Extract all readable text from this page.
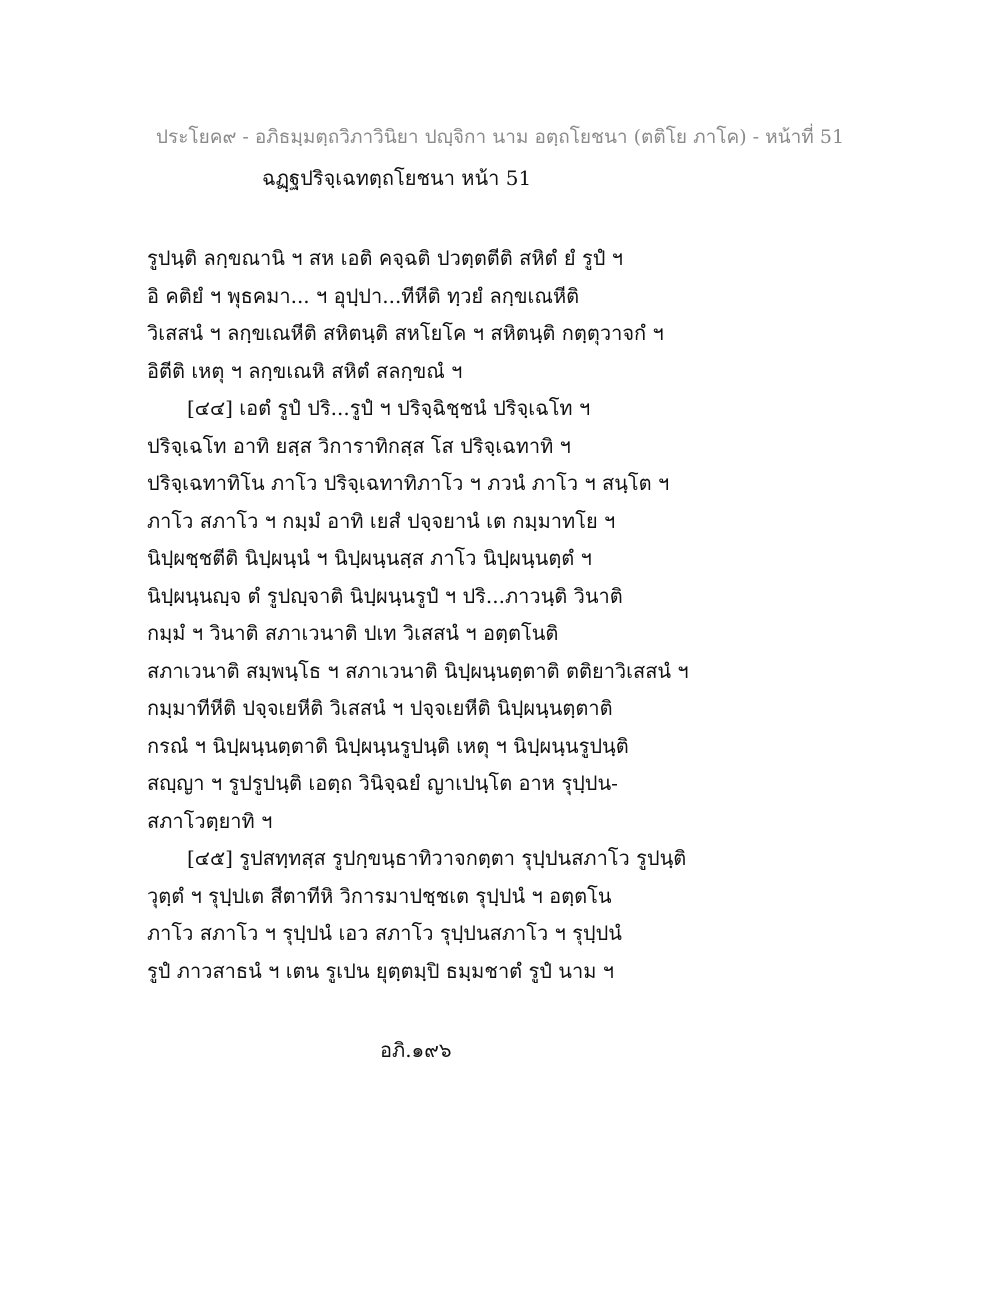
ประโยค๙ - อภิธมฺมตฺถวิภาวินิยา ปญฺจิกา นาม อตฺถโยชนา (ตติโย ภาโค) - หน้าที่ 51
ฉฏฺฐปริจฺเฉทตฺถโยชนา หน้า 51
รูปนฺติ ลกฺขณานิ ฯ สห เอติ คจฺฉติ ปวตฺตตีติ สหิตํ ยํ รูปํ ฯ
อิ คติยํ ฯ พุธคมา... ฯ อุปฺปา...ทีหีติ ทฺวยํ ลกฺขเณหีติ
วิเสสนํ ฯ ลกฺขเณหีติ สหิตนฺติ สหโยโค ฯ สหิตนฺติ กตฺตุวาจกํ ฯ
อิตีติ เหตุ ฯ ลกฺขเณหิ สหิตํ สลกฺขณํ ฯ
[๔๔] เอตํ รูปํ ปริ...รูปํ ฯ ปริจฺฉิชฺชนํ ปริจฺเฉโท ฯ
ปริจฺเฉโท อาทิ ยสฺส วิการาทิกสฺส โส ปริจฺเฉทาทิ ฯ
ปริจฺเฉทาทิโน ภาโว ปริจฺเฉทาทิภาโว ฯ ภวนํ ภาโว ฯ สนฺโต ฯ
ภาโว สภาโว ฯ กมฺมํ อาทิ เยสํ ปจฺจยานํ เต กมฺมาทโย ฯ
นิปฺผชฺชตีติ นิปฺผนฺนํ ฯ นิปฺผนฺนสฺส ภาโว นิปฺผนฺนตฺตํ ฯ
นิปฺผนฺนญฺจ ตํ รูปญฺจาติ นิปฺผนฺนรูปํ ฯ ปริ...ภาวนฺติ วินาติ
กมฺมํ ฯ วินาติ สภาเวนาติ ปเท วิเสสนํ ฯ อตฺตโนติ
สภาเวนาติ สมฺพนฺโธ ฯ สภาเวนาติ นิปฺผนฺนตฺตาติ ตติยาวิเสสนํ ฯ
กมฺมาทีหีติ ปจฺจเยหีติ วิเสสนํ ฯ ปจฺจเยหีติ นิปฺผนฺนตฺตาติ
กรณํ ฯ นิปฺผนฺนตฺตาติ นิปฺผนฺนรูปนฺติ เหตุ ฯ นิปฺผนฺนรูปนฺติ
สญฺญา ฯ รูปรูปนฺติ เอตฺถ วินิจฺฉยํ ญาเปนฺโต อาห รุปฺปน-
สภาโวตฺยาทิ ฯ
[๔๕] รูปสทฺทสฺส รูปกฺขนฺธาทิวาจกตฺตา รุปฺปนสภาโว รูปนฺติ
วุตฺตํ ฯ รุปฺปเต สีตาทีหิ วิการมาปชฺชเต รุปฺปนํ ฯ อตฺตโน
ภาโว สภาโว ฯ รุปฺปนํ เอว สภาโว รุปฺปนสภาโว ฯ รุปฺปนํ
รูปํ ภาวสาธนํ ฯ เตน รูเปน ยุตฺตมฺปิ ธมฺมชาตํ รูปํ นาม ฯ
อภิ.๑๙๖
